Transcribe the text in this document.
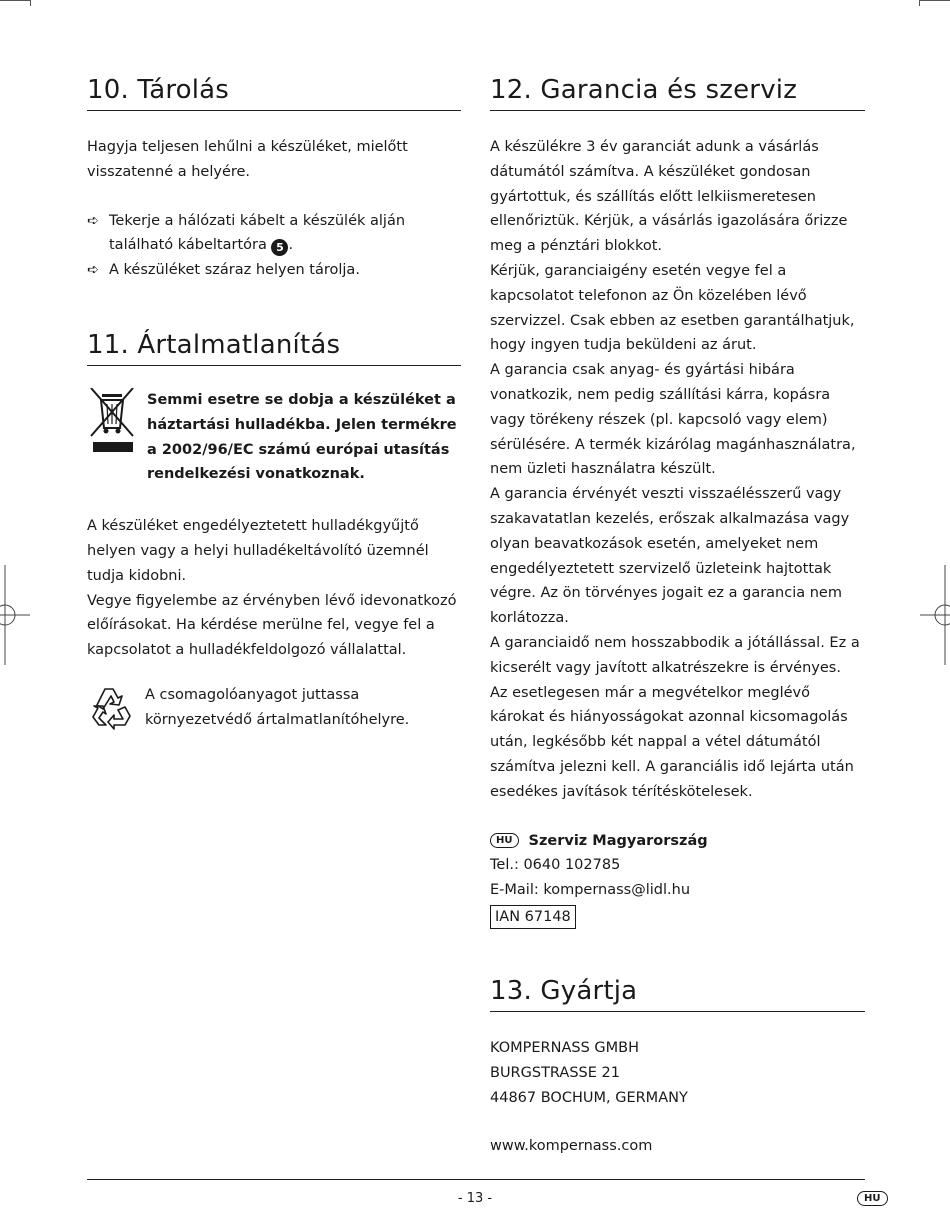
10. Tárolás

Hagyja teljesen lehűlni a készüléket, mielőtt visszatenné a helyére.

➪ Tekerje a hálózati kábelt a készülék alján található kábeltartóra 5 .
➪ A készüléket száraz helyen tárolja.
11. Ártalmatlanítás
Semmi esetre se dobja a készüléket a háztartási hulladékba. Jelen termékre a 2002/96/EC számú európai utasítás rendelkezési vonatkoznak.

A készüléket engedélyeztetett hulladékgyűjtő helyen vagy a helyi hulladékeltávolító üzemnél tudja kidobni.

Vegye figyelembe az érvényben lévő idevonatkozó előírásokat. Ha kérdése merülne fel, vegye fel a kapcsolatot a hulladékfeldolgozó vállalattal.

A csomagolóanyagot juttassa környezetvédő ártalmatlanítóhelyre.

12. Garancia és szerviz

A készülékre 3 év garanciát adunk a vásárlás dátumától számítva. A készüléket gondosan gyártottuk, és szállítás előtt lelkiismeretesen ellenőriztük. Kérjük, a vásárlás igazolására őrizze meg a pénztári blokkot.

Kérjük, garanciaigény esetén vegye fel a kapcsolatot telefonon az Ön közelében lévő szervizzel. Csak ebben az esetben garantálhatjuk, hogy ingyen tudja beküldeni az árut.

A garancia csak anyag- és gyártási hibára vonatkozik, nem pedig szállítási kárra, kopásra vagy törékeny részek (pl. kapcsoló vagy elem) sérülésére. A termék kizárólag magánhasználatra, nem üzleti használatra készült.

A garancia érvényét veszti visszaélésszerű vagy szakavatatlan kezelés, erőszak alkalmazása vagy olyan beavatkozások esetén, amelyeket nem engedélyeztetett szervizelő üzleteink hajtottak végre. Az ön törvényes jogait ez a garancia nem korlátozza.

A garanciaidő nem hosszabbodik a jótállással. Ez a kicserélt vagy javított alkatrészekre is érvényes.

Az esetlegesen már a megvételkor meglévő károkat és hiányosságokat azonnal kicsomagolás után, legkésőbb két nappal a vétel dátumától számítva jelezni kell. A garanciális idő lejárta után esedékes javítások térítéskötelesek.

HU	Szerviz Magyarország

Tel.: 0640 102785

E-Mail: kompernass@lidl.hu

IAN 67148
13. Gyártja

KOMPERNASS GMBH

BURGSTRASSE 21

44867 BOCHUM, GERMANY

www.kompernass.com

- 13 -	HU
